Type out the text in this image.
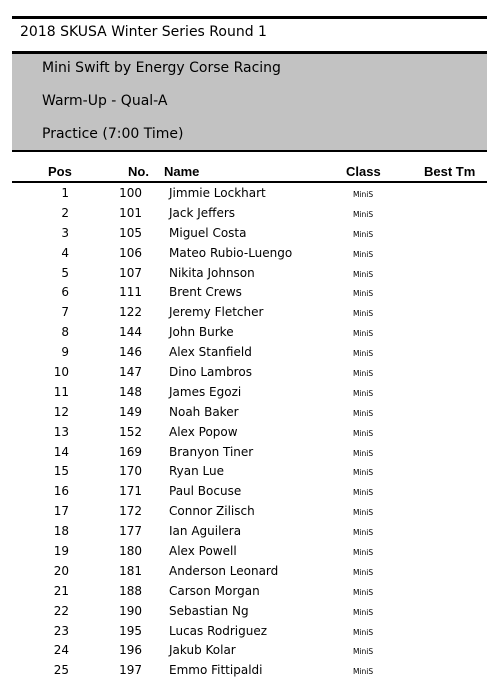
2018 SKUSA Winter Series Round 1
Mini Swift by Energy Corse Racing
Warm-Up - Qual-A
Practice (7:00 Time)
Pos	No. Name	Class	Best Tm
1	100 Jimmie Lockhart	MiniS
2	101 Jack Jeffers	MiniS
3	105 Miguel Costa	MiniS
4	106 Mateo Rubio-Luengo	MiniS
5	107 Nikita Johnson	MiniS
6	111 Brent Crews	MiniS
7	122 Jeremy Fletcher	MiniS
8	144 John Burke	MiniS
9	146 Alex Stanfield	MiniS
10	147 Dino Lambros	MiniS
11	148 James Egozi	MiniS
12	149 Noah Baker	MiniS
13	152 Alex Popow	MiniS
14	169 Branyon Tiner	MiniS
15	170 Ryan Lue	MiniS
16	171 Paul Bocuse	MiniS
17	172 Connor Zilisch	MiniS
18	177 Ian Aguilera	MiniS
19	180 Alex Powell	MiniS
20	181 Anderson Leonard	MiniS
21	188 Carson Morgan	MiniS
22	190 Sebastian Ng	MiniS
23	195 Lucas Rodriguez	MiniS
24	196 Jakub Kolar	MiniS
25	197 Emmo Fittipaldi	MiniS
